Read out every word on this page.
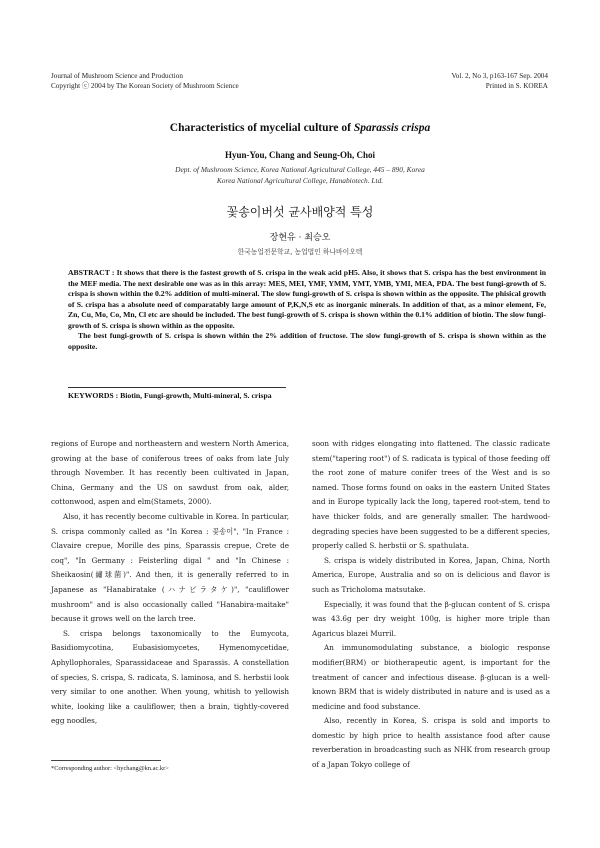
Journal of Mushroom Science and Production
Copyright ⓒ 2004 by The Korean Society of Mushroom Science
Vol. 2, No 3, p163-167 Sep. 2004
Printed in S. KOREA
Characteristics of mycelial culture of Sparassis crispa
Hyun-You, Chang and Seung-Oh, Choi
Dept. of Mushroom Science, Korea National Agricultural College, 445 – 890, Korea
Korea National Agricultural College, Hanabiotech. Ltd.
꽃송이버섯 균사배양적 특성
장현유 · 최승오
한국농업전문학교, 농업법인 하나바이오텍

ABSTRACT : It shows that there is the fastest growth of S. crispa in the weak acid pH5. Also, it shows that S. crispa has the best environment in the MEF media. The next desirable one was as in this array: MES, MEI, YMF, YMM, YMT, YMB, YMI, MEA, PDA. The best fungi-growth of S. crispa is shown within the 0.2% addition of multi-mineral. The slow fungi-growth of S. crispa is shown within as the opposite. The phisical growth of S. crispa has a absolute need of comparatably large amount of P,K,N,S etc as inorganic minerals. In addition of that, as a minor element, Fe, Zn, Cu, Mo, Co, Mn, Cl etc are should be included. The best fungi-growth of S. crispa is shown within the 0.1% addition of biotin. The slow fungi-growth of S. crispa is shown within as the opposite.

The best fungi-growth of S. crispa is shown within the 2% addition of fructose. The slow fungi-growth of S. crispa is shown within as the opposite.

KEYWORDS : Biotin, Fungi-growth, Multi-mineral, S. crispa

regions of Europe and northeastern and western North America, growing at the base of coniferous trees of oaks from late July through November. It has recently been cultivated in Japan, China, Germany and the US on sawdust from oak, alder, cottonwood, aspen and elm(Stamets, 2000).

Also, it has recently become cultivable in Korea. In particular, S. crispa commonly called as "In Korea : 꽃송이", "In France : Clavaire crepue, Morille des pins, Sparassis crepue, Crete de coq", "In Germany : Feisterling digal " and "In Chinese : Sheikaosin(繡球菌)". And then, it is generally referred to in Japanese as "Hanabiratake (ハナビラタケ)", "cauliflower mushroom" and is also occasionally called "Hanabira-maitake" because it grows well on the larch tree.

S. crispa belongs taxonomically to the Eumycota, Basidiomycotina, Eubasisiomycetes, Hymenomycetidae, Aphyllophorales, Sparassidaceae and Sparassis. A constellation of species, S. crispa, S. radicata, S. laminosa, and S. herbstii look very similar to one another. When young, whitish to yellowish white, looking like a cauliflower, then a brain, tightly-covered egg noodles,

soon with ridges elongating into flattened. The classic radicate stem("tapering root") of S. radicata is typical of those feeding off the root zone of mature conifer trees of the West and is so named. Those forms found on oaks in the eastern United States and in Europe typically lack the long, tapered root-stem, tend to have thicker folds, and are generally smaller. The hardwood-degrading species have been suggested to be a different species, properly called S. herbstii or S. spathulata.

S. crispa is widely distributed in Korea, Japan, China, North America, Europe, Australia and so on is delicious and flavor is such as Tricholoma matsutake.

Especially, it was found that the β-glucan content of S. crispa was 43.6g per dry weight 100g, is higher more triple than Agaricus blazei Murril.

An immunomodulating substance, a biologic response modifier(BRM) or biotherapeutic agent, is important for the treatment of cancer and infectious disease. β-glucan is a well-known BRM that is widely distributed in nature and is used as a medicine and food substance.

Also, recently in Korea, S. crispa is sold and imports to domestic by high price to health assistance food after cause reverberation in broadcasting such as NHK from research group of a Japan Tokyo college of

*Corresponding author: <hychang@kn.ac.kr>
